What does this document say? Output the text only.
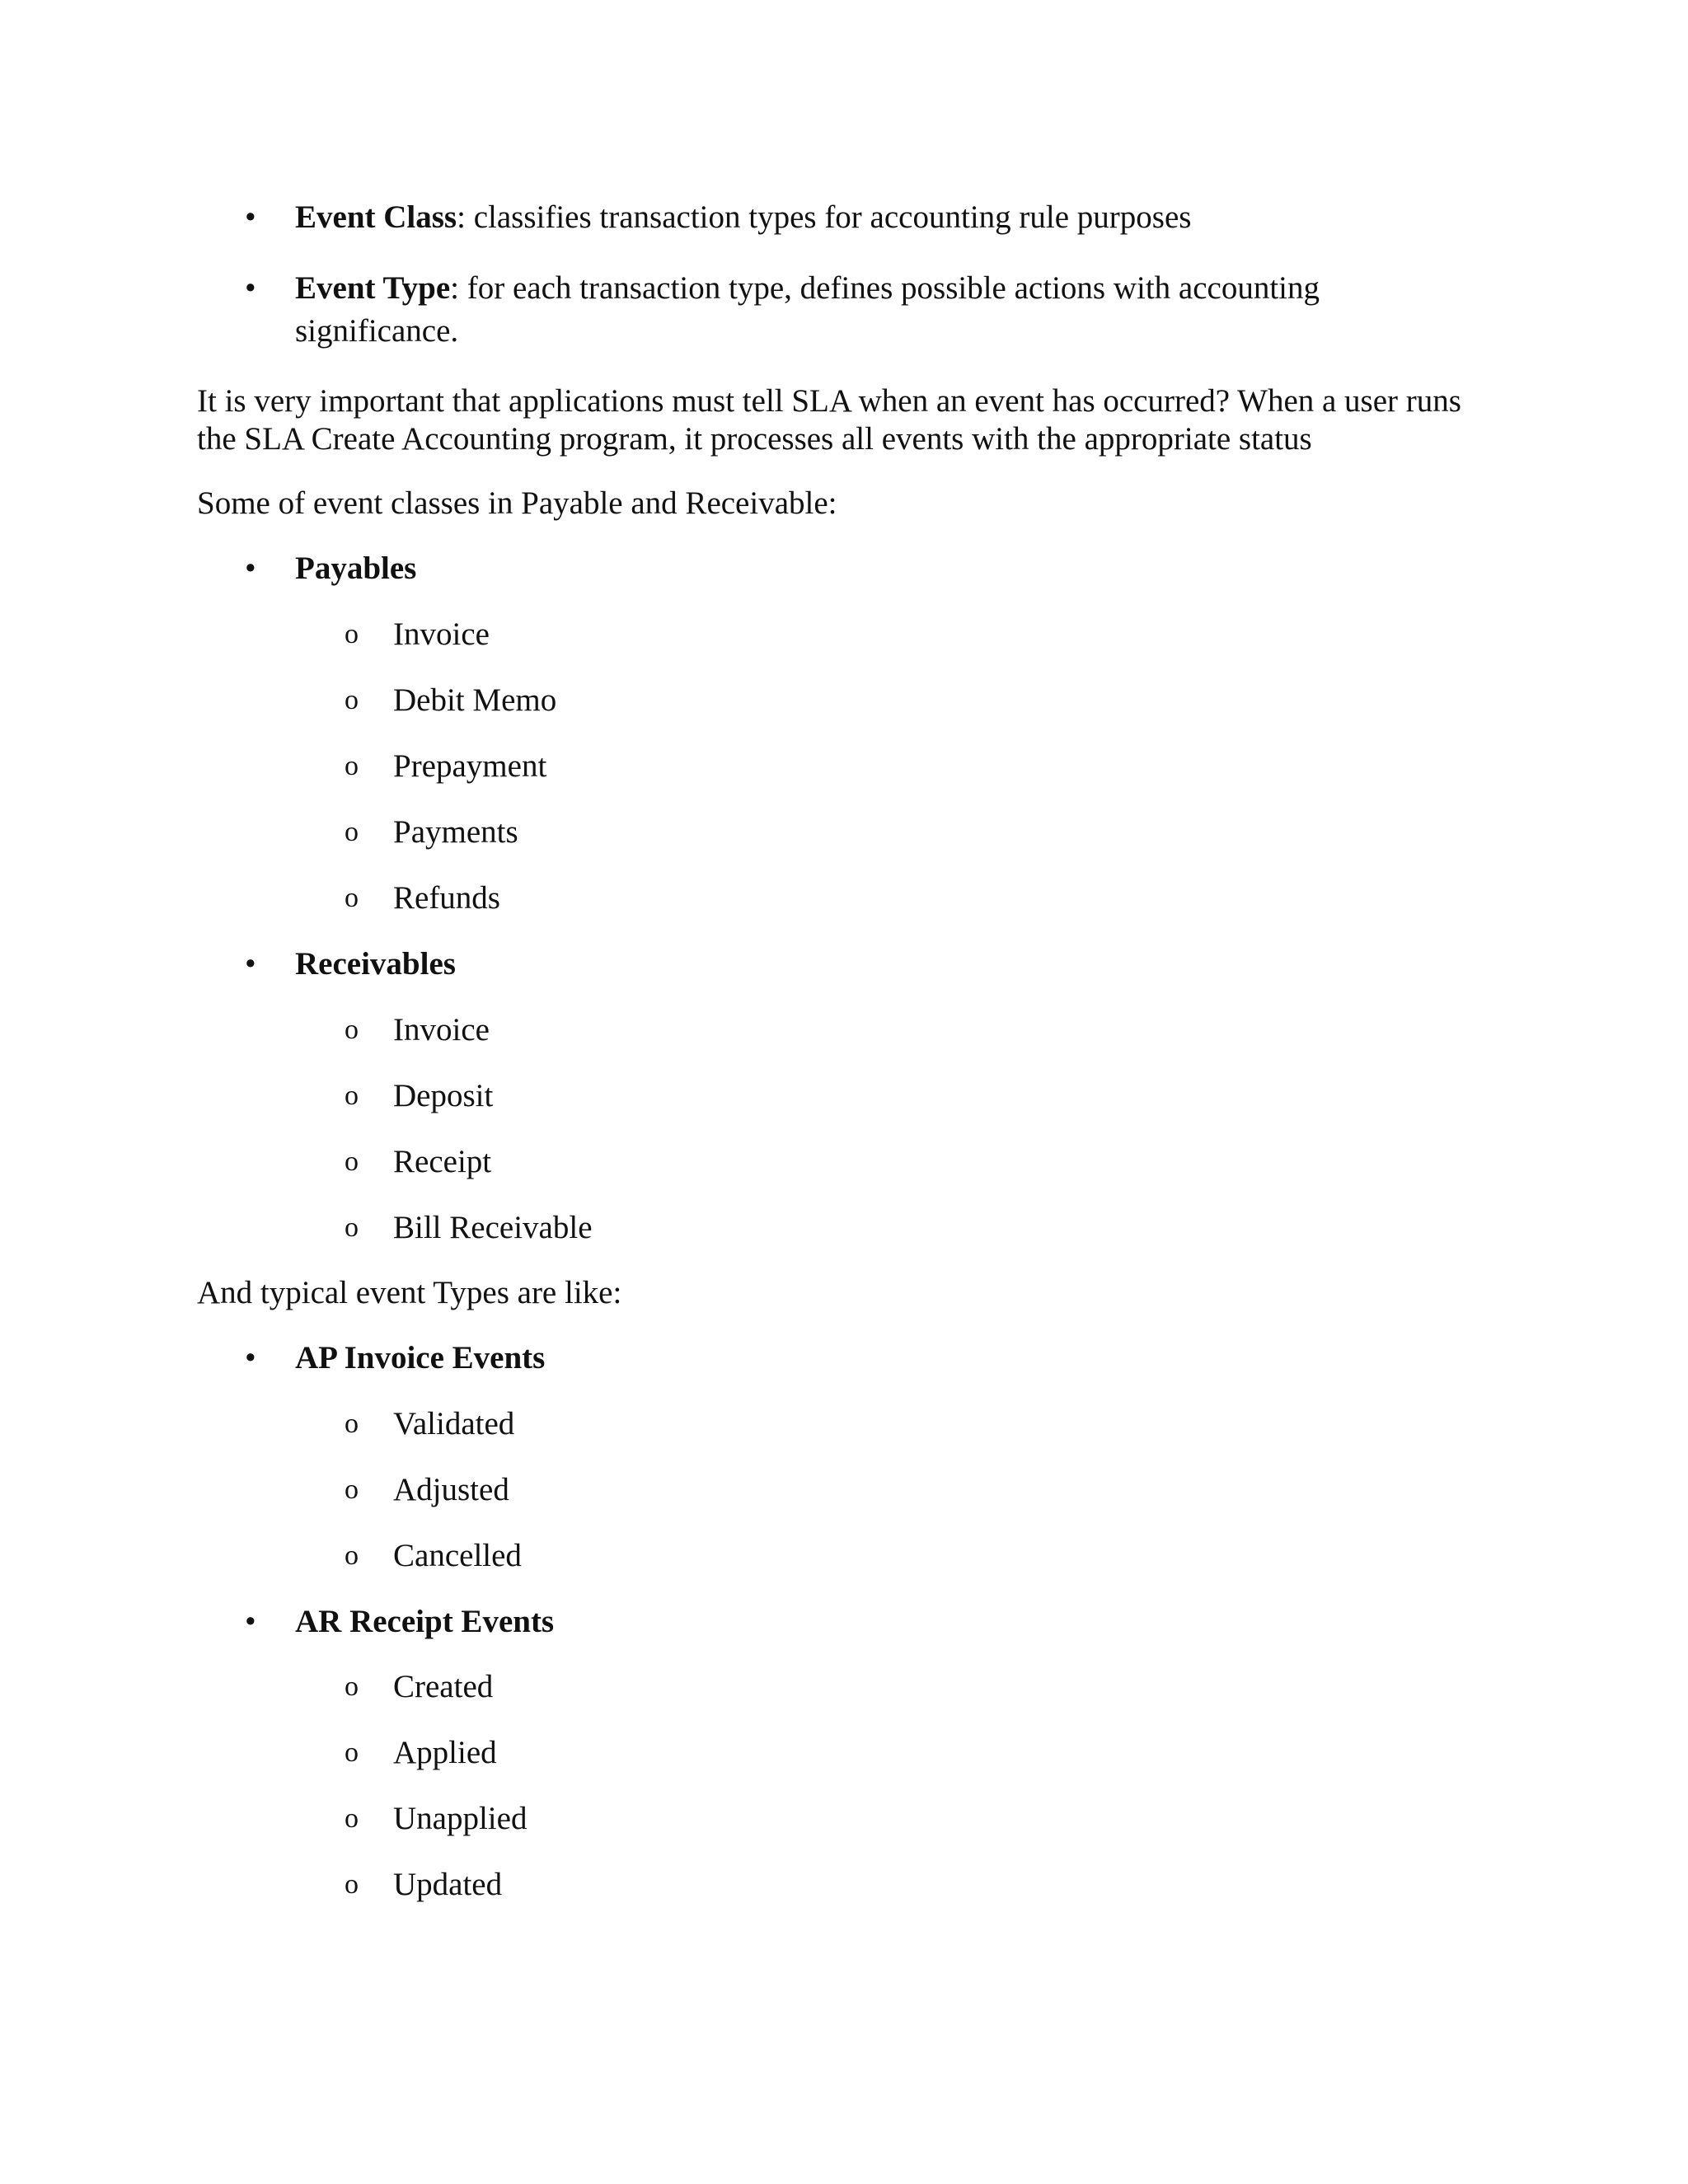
• Event Class: classifies transaction types for accounting rule purposes
• Event Type: for each transaction type, defines possible actions with accounting
significance.
It is very important that applications must tell SLA when an event has occurred? When a user runs
the SLA Create Accounting program, it processes all events with the appropriate status
Some of event classes in Payable and Receivable:
• Payables
o Invoice
o Debit Memo
o Prepayment
o Payments
o Refunds
• Receivables
o Invoice
o Deposit
o Receipt
o Bill Receivable
And typical event Types are like:
• AP Invoice Events
o Validated
o Adjusted
o Cancelled
• AR Receipt Events
o Created
o Applied
o Unapplied
o Updated
